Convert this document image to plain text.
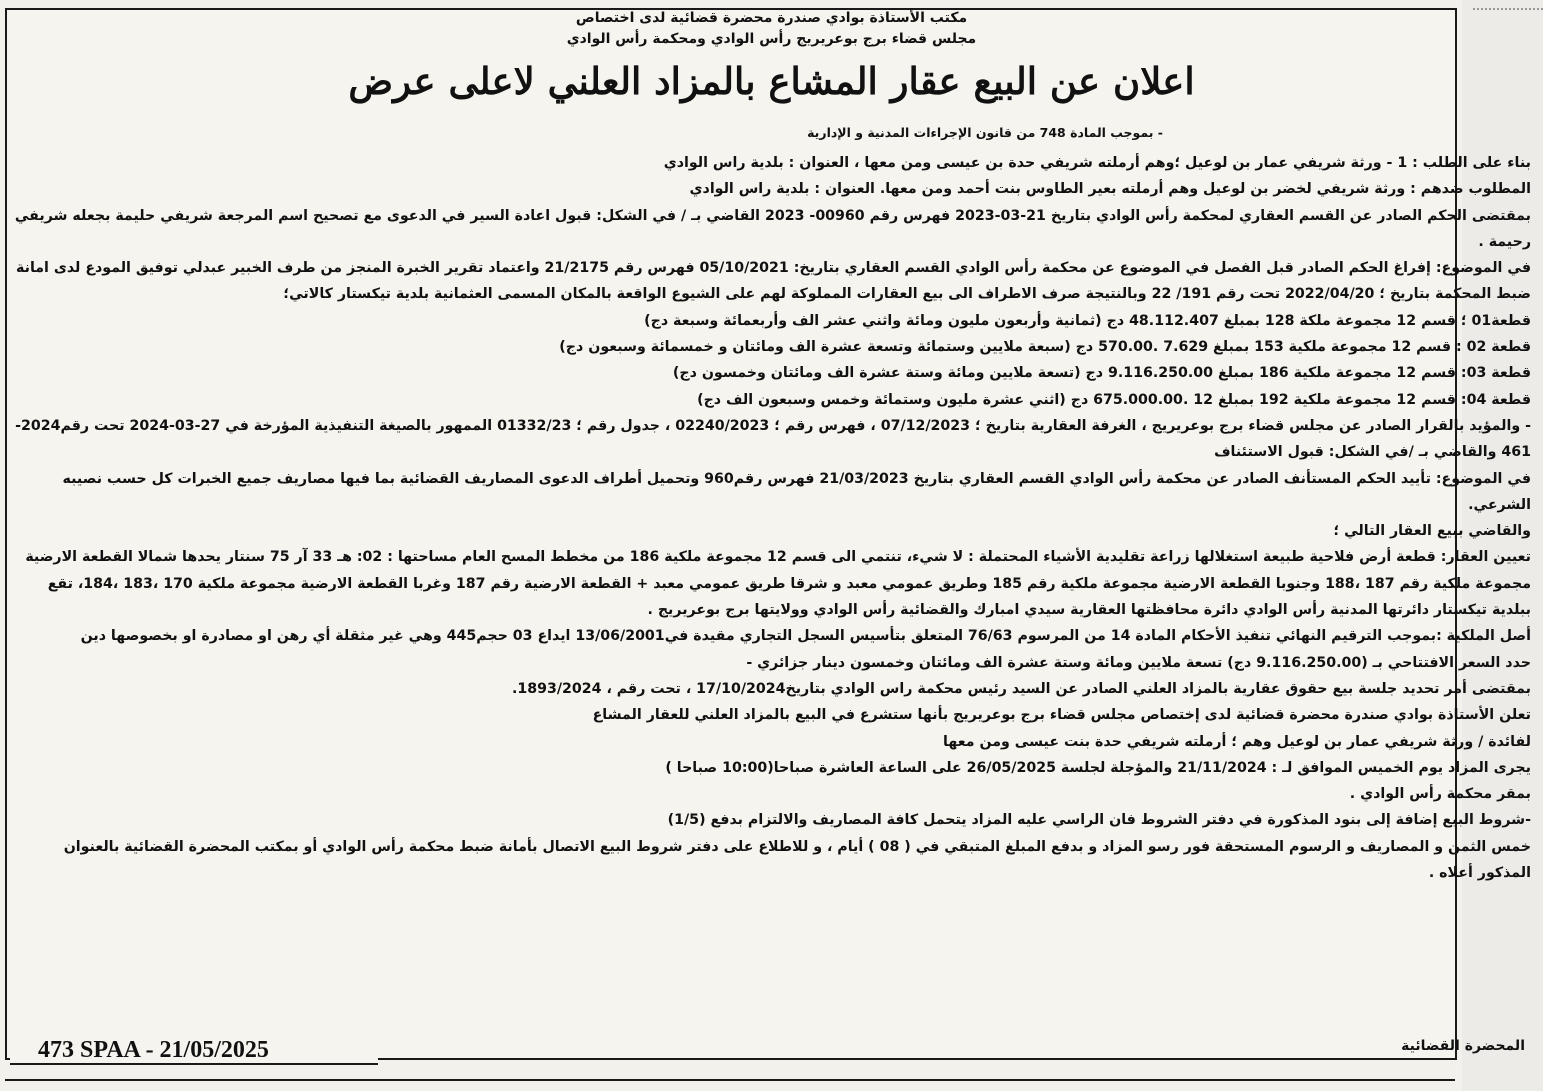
مكتب الأستاذة بوادي صندرة محضرة قضائية لدى اختصاص
مجلس قضاء برج بوعريريج رأس الوادي ومحكمة رأس الوادي
اعلان عن البيع عقار المشاع بالمزاد العلني لاعلى عرض
- بموجب المادة 748 من قانون الإجراءات المدنية و الإدارية

بناء على الطلب : 1 - ورثة شريفي عمار بن لوعيل ؛وهم أرملته شريفي حدة بن عيسى ومن معها ، العنوان : بلدية راس الوادي

المطلوب ضدهم : ورثة شريفي لخضر بن لوعيل وهم أرملته بعير الطاوس بنت أحمد ومن معها. العنوان : بلدية راس الوادي

بمقتضى الحكم الصادر عن القسم العقاري لمحكمة رأس الوادي بتاريخ 21-03-2023 فهرس رقم 00960- 2023 القاضي بـ / في الشكل: قبول اعادة السير في الدعوى مع تصحيح اسم المرجعة شريفي حليمة بجعله شريفي رحيمة .

في الموضوع: إفراغ الحكم الصادر قبل الفصل في الموضوع عن محكمة رأس الوادي القسم العقاري بتاريخ: 05/10/2021 فهرس رقم 21/2175 واعتماد تقرير الخبرة المنجز من طرف الخبير عبدلي توفيق المودع لدى امانة ضبط المحكمة بتاريخ ؛ 2022/04/20 تحت رقم 191/ 22 وبالنتيجة صرف الاطراف الى بيع العقارات المملوكة لهم على الشيوع الواقعة بالمكان المسمى العثمانية بلدية تيكستار كالاتي؛

قطعة01 ؛ قسم 12 مجموعة ملكة 128 بمبلغ 48.112.407 دج (ثمانية وأربعون مليون ومائة واثني عشر الف وأربعمائة وسبعة دج)

قطعة 02 : قسم 12 مجموعة ملكية 153 بمبلغ 7.629 .570.00 دج (سبعة ملايين وستمائة وتسعة عشرة الف ومائتان و خمسمائة وسبعون دج)

قطعة 03: قسم 12 مجموعة ملكية 186 بمبلغ 9.116.250.00 دج (تسعة ملايين ومائة وستة عشرة الف ومائتان وخمسون دج)

قطعة 04: قسم 12 مجموعة ملكية 192 بمبلغ 12 .675.000.00 دج (اثني عشرة مليون وستمائة وخمس وسبعون الف دج)

- والمؤيد بالقرار الصادر عن مجلس قضاء برج بوعريريج ، الغرفة العقارية بتاريخ ؛ 07/12/2023 ، فهرس رقم ؛ 02240/2023 ، جدول رقم ؛ 01332/23 الممهور بالصيغة التنفيذية المؤرخة في 27-03-2024 تحت رقم2024-461 والقاضي بـ /في الشكل: قبول الاستئناف

في الموضوع: تأييد الحكم المستأنف الصادر عن محكمة رأس الوادي القسم العقاري بتاريخ 21/03/2023 فهرس رقم960 وتحميل أطراف الدعوى المصاريف القضائية بما فيها مصاريف جميع الخبرات كل حسب نصيبه الشرعي.

والقاضي ببيع العقار التالي ؛

تعيين العقار: قطعة أرض فلاحية طبيعة استغلالها زراعة تقليدية الأشياء المحتملة : لا شيء، تنتمي الى قسم 12 مجموعة ملكية 186 من مخطط المسح العام مساحتها : 02: هـ 33 آر 75 سنتار يحدها شمالا القطعة الارضية مجموعة ملكية رقم 187 ،188 وجنوبا القطعة الارضية مجموعة ملكية رقم 185 وطريق عمومي معبد و شرقا طريق عمومي معبد + القطعة الارضية رقم 187 وغربا القطعة الارضية مجموعة ملكية 170 ،183 ،184، تقع ببلدية تيكستار دائرتها المدنية رأس الوادي دائرة محافظتها العقارية سيدي امبارك والقضائية رأس الوادي وولايتها برج بوعريريج .

أصل الملكية :بموجب الترقيم النهائي تنفيذ الأحكام المادة 14 من المرسوم 76/63 المتعلق بتأسيس السجل التجاري مقيدة في13/06/2001 ايداع 03 حجم445 وهي غير مثقلة أي رهن او مصادرة او بخصوصها دين

حدد السعر الافتتاحي بـ (9.116.250.00 دج) تسعة ملايين ومائة وستة عشرة الف ومائتان وخمسون دينار جزائري -

بمقتضى أمر تحديد جلسة بيع حقوق عقارية بالمزاد العلني الصادر عن السيد رئيس محكمة راس الوادي بتاريخ17/10/2024 ، تحت رقم ، 1893/2024.

تعلن الأستاذة بوادي صندرة محضرة قضائية لدى إختصاص مجلس قضاء برج بوعريريج بأنها ستشرع في البيع بالمزاد العلني للعقار المشاع

لفائدة / ورثة شريفي عمار بن لوعيل وهم ؛ أرملته شريفي حدة بنت عيسى ومن معها

يجرى المزاد يوم الخميس الموافق لـ : 21/11/2024 والمؤجلة لجلسة 26/05/2025 على الساعة العاشرة صباحا(10:00 صباحا )

بمقر محكمة رأس الوادي .

-شروط البيع إضافة إلى بنود المذكورة في دفتر الشروط فان الراسي عليه المزاد يتحمل كافة المصاريف والالتزام بدفع (1/5)

خمس الثمن و المصاريف و الرسوم المستحقة فور رسو المزاد و بدفع المبلغ المتبقي في ( 08 ) أيام ، و للاطلاع على دفتر شروط البيع الاتصال بأمانة ضبط محكمة رأس الوادي أو بمكتب المحضرة القضائية بالعنوان المذكور أعلاه .

473 SPAA - 21/05/2025	المحضرة القضائية
